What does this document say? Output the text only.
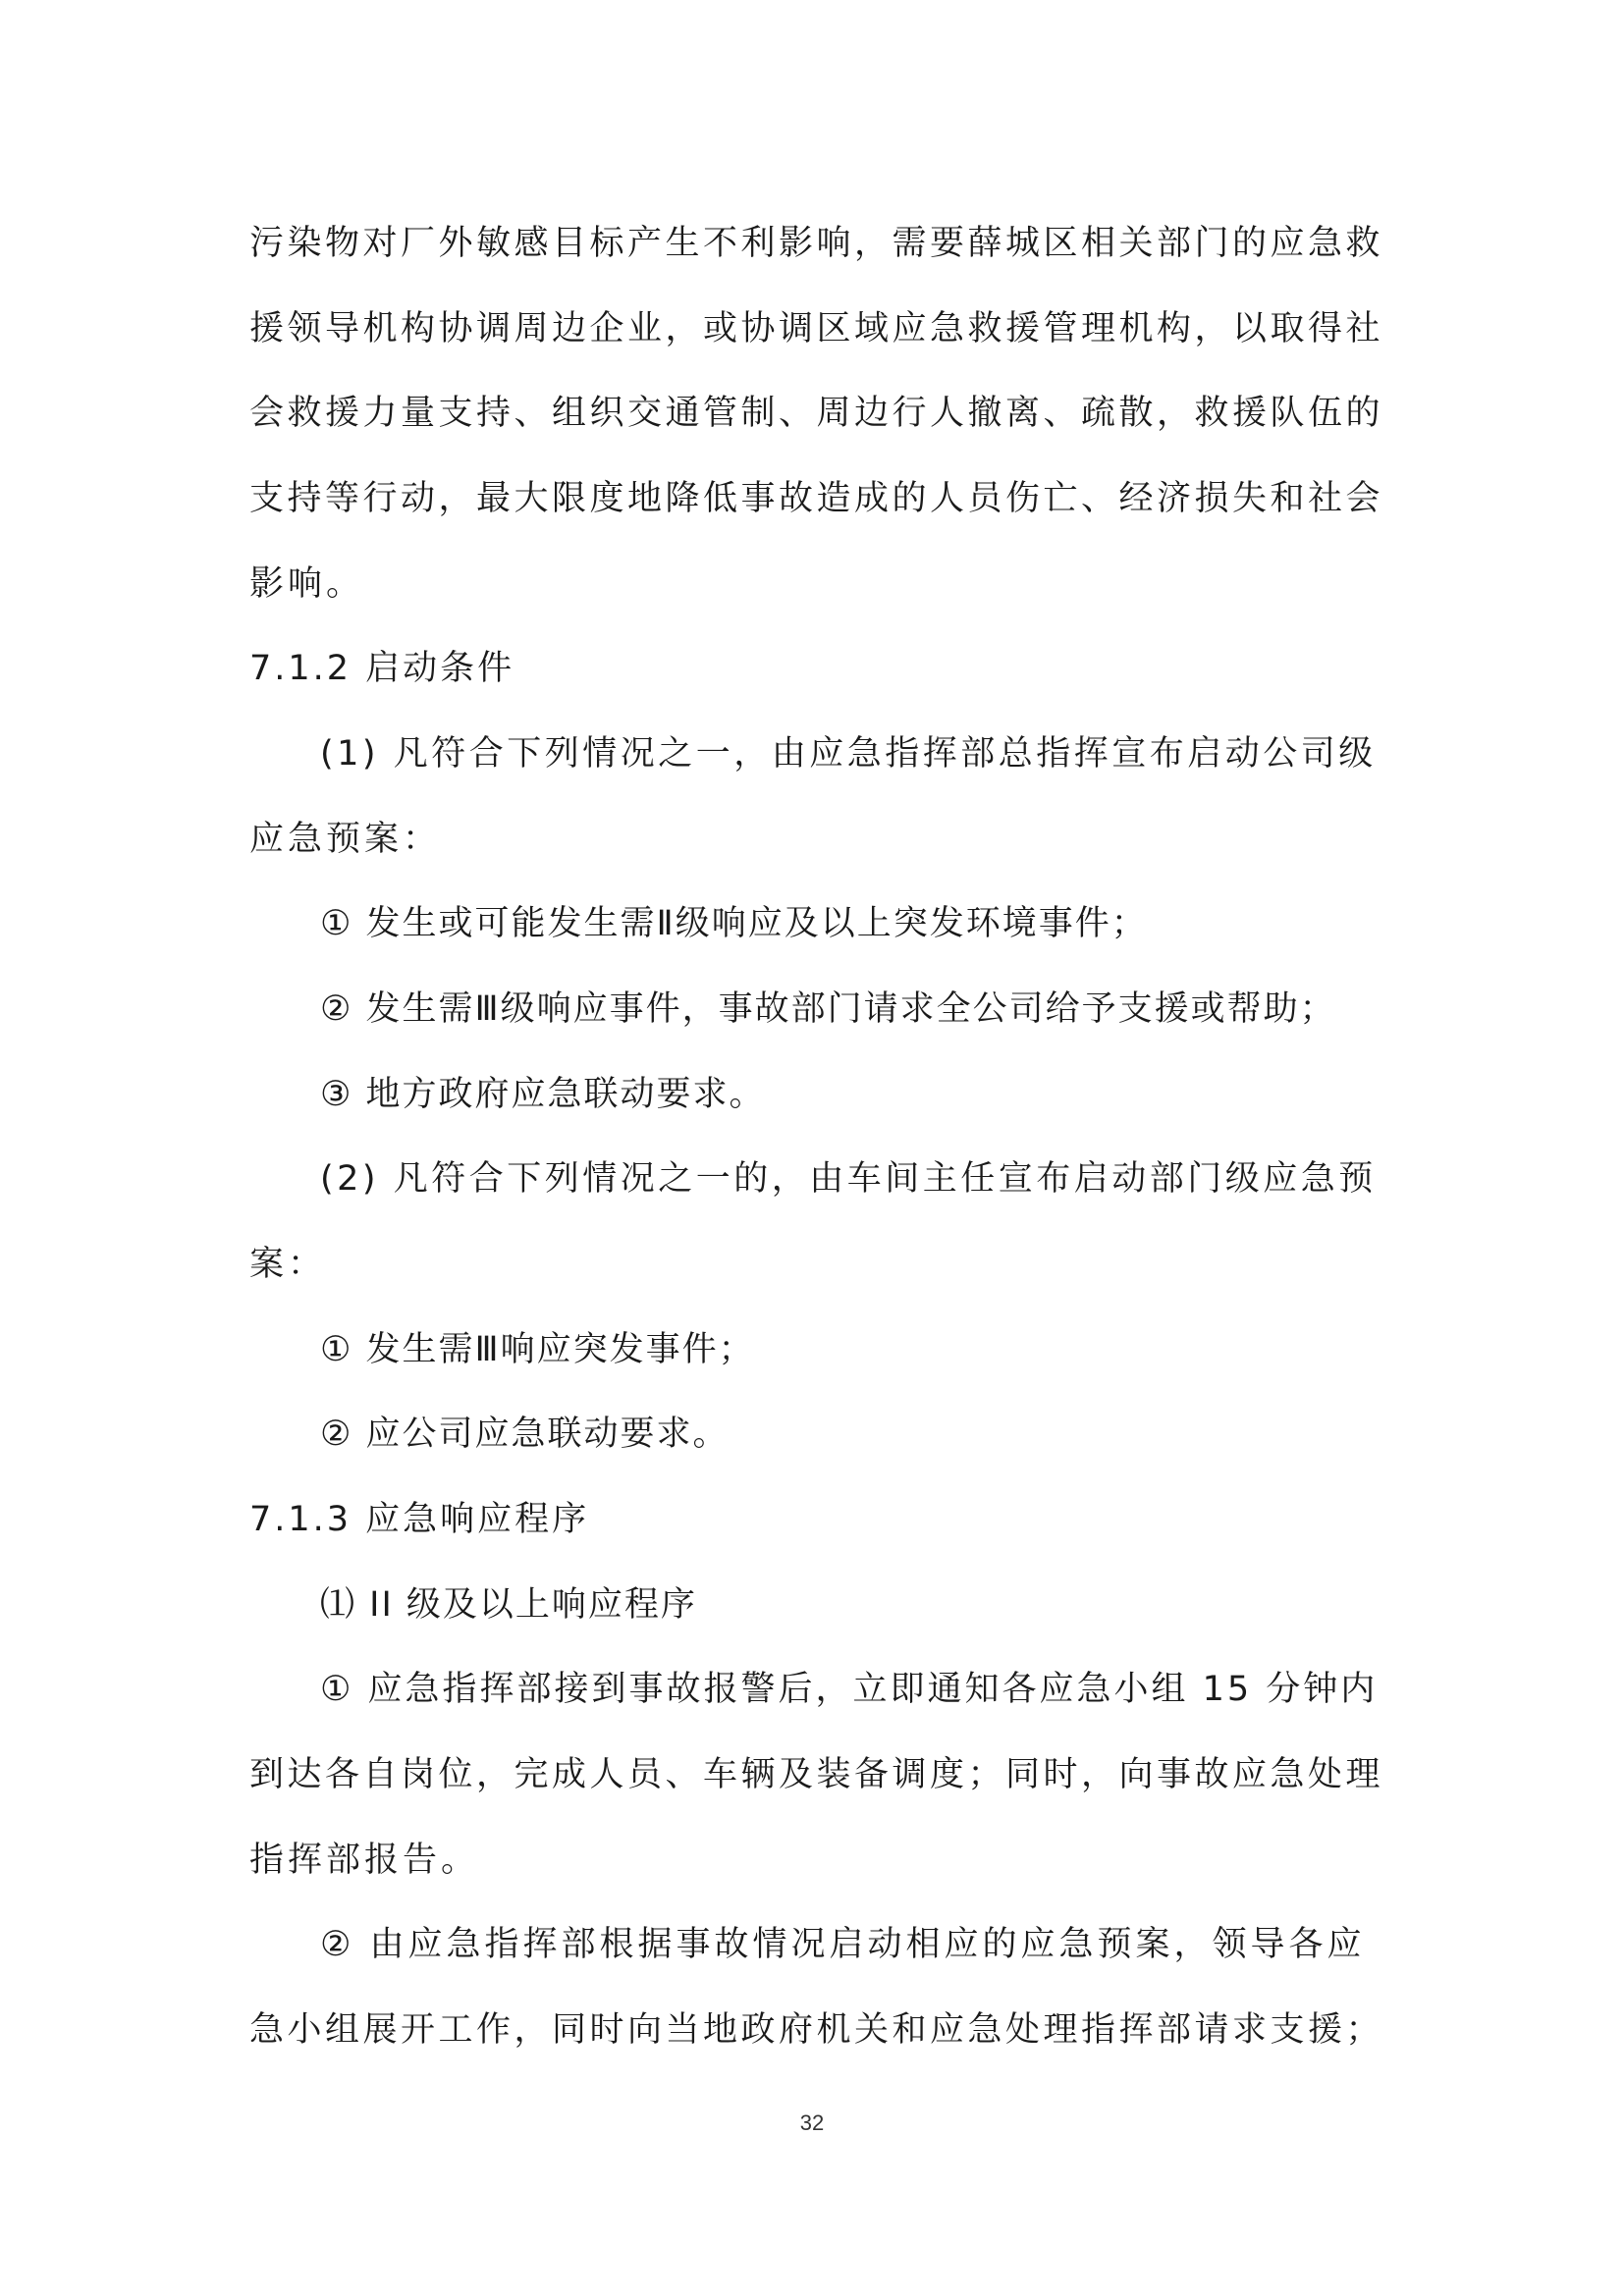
污染物对厂外敏感目标产生不利影响，需要薛城区相关部门的应急救
援领导机构协调周边企业，或协调区域应急救援管理机构，以取得社
会救援力量支持、组织交通管制、周边行人撤离、疏散，救援队伍的
支持等行动，最大限度地降低事故造成的人员伤亡、经济损失和社会
影响。
7.1.2 启动条件
(1) 凡符合下列情况之一，由应急指挥部总指挥宣布启动公司级
应急预案：
① 发生或可能发生需Ⅱ级响应及以上突发环境事件；
② 发生需Ⅲ级响应事件，事故部门请求全公司给予支援或帮助；
③ 地方政府应急联动要求。
(2) 凡符合下列情况之一的，由车间主任宣布启动部门级应急预
案：
① 发生需Ⅲ响应突发事件；
② 应公司应急联动要求。
7.1.3 应急响应程序
⑴ II 级及以上响应程序
① 应急指挥部接到事故报警后，立即通知各应急小组 15 分钟内
到达各自岗位，完成人员、车辆及装备调度；同时，向事故应急处理
指挥部报告。
② 由应急指挥部根据事故情况启动相应的应急预案，领导各应
急小组展开工作，同时向当地政府机关和应急处理指挥部请求支援；
32
